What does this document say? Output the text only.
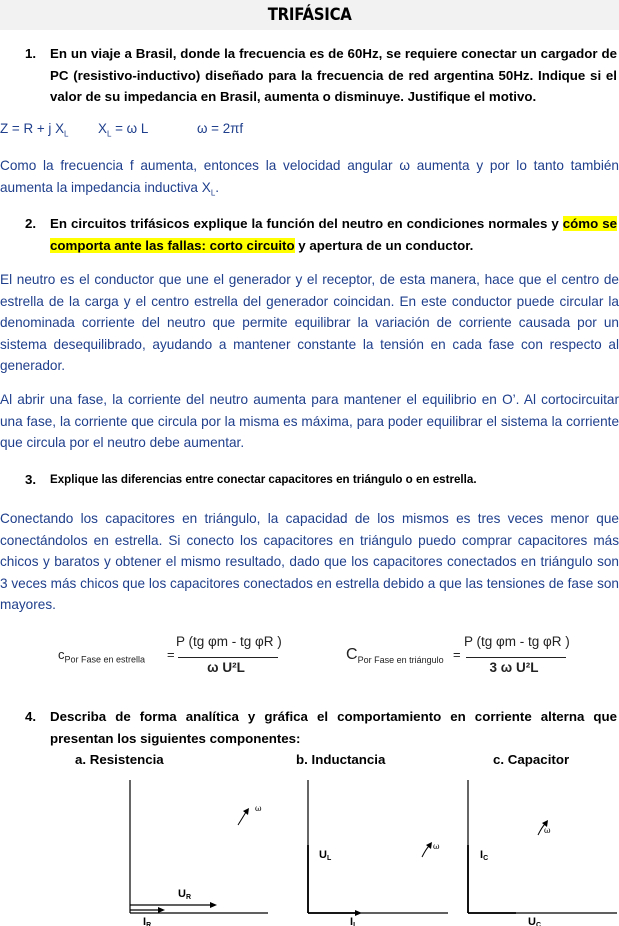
TRIFÁSICA
1. En un viaje a Brasil, donde la frecuencia es de 60Hz, se requiere conectar un cargador de PC (resistivo-inductivo) diseñado para la frecuencia de red argentina 50Hz. Indique si el valor de su impedancia en Brasil, aumenta o disminuye. Justifique el motivo.
Z = R + j $X_L$ $X_L = \omega$ L	ω = 2πf
Como la frecuencia f aumenta, entonces la velocidad angular ω aumenta y por lo tanto también aumenta la impedancia inductiva $X_L$.
2. En circuitos trifásicos explique la función del neutro en condiciones normales y cómo se comporta ante las fallas: corto circuito y apertura de un conductor.
El neutro es el conductor que une el generador y el receptor, de esta manera, hace que el centro de estrella de la carga y el centro estrella del generador coincidan. En este conductor puede circular la denominada corriente del neutro que permite equilibrar la variación de corriente causada por un sistema desequilibrado, ayudando a mantener constante la tensión en cada fase con respecto al generador.
Al abrir una fase, la corriente del neutro aumenta para mantener el equilibrio en O’. Al cortocircuitar una fase, la corriente que circula por la misma es máxima, para poder equilibrar el sistema la corriente que circula por el neutro debe aumentar.
3. Explique las diferencias entre conectar capacitores en triángulo o en estrella.
Conectando los capacitores en triángulo, la capacidad de los mismos es tres veces menor que conectándolos en estrella. Si conecto los capacitores en triángulo puedo comprar capacitores más chicos y baratos y obtener el mismo resultado, dado que los capacitores conectados en triángulo son 3 veces más chicos que los capacitores conectados en estrella debido a que las tensiones de fase son mayores.
$c_{Por Fase en estrella}$ =
P (tg φm - tg φR )
ω U²L
$C_{Por Fase en triángulo}$ =
P (tg φm - tg φR )
3 ω U²L
4. Describa de forma analítica y gráfica el comportamiento en corriente alterna que presentan los siguientes componentes:
a. Resistencia	b. Inductancia	c. Capacitor
ω
UR
IR
ω
UL
IL
ω
IC
UC
